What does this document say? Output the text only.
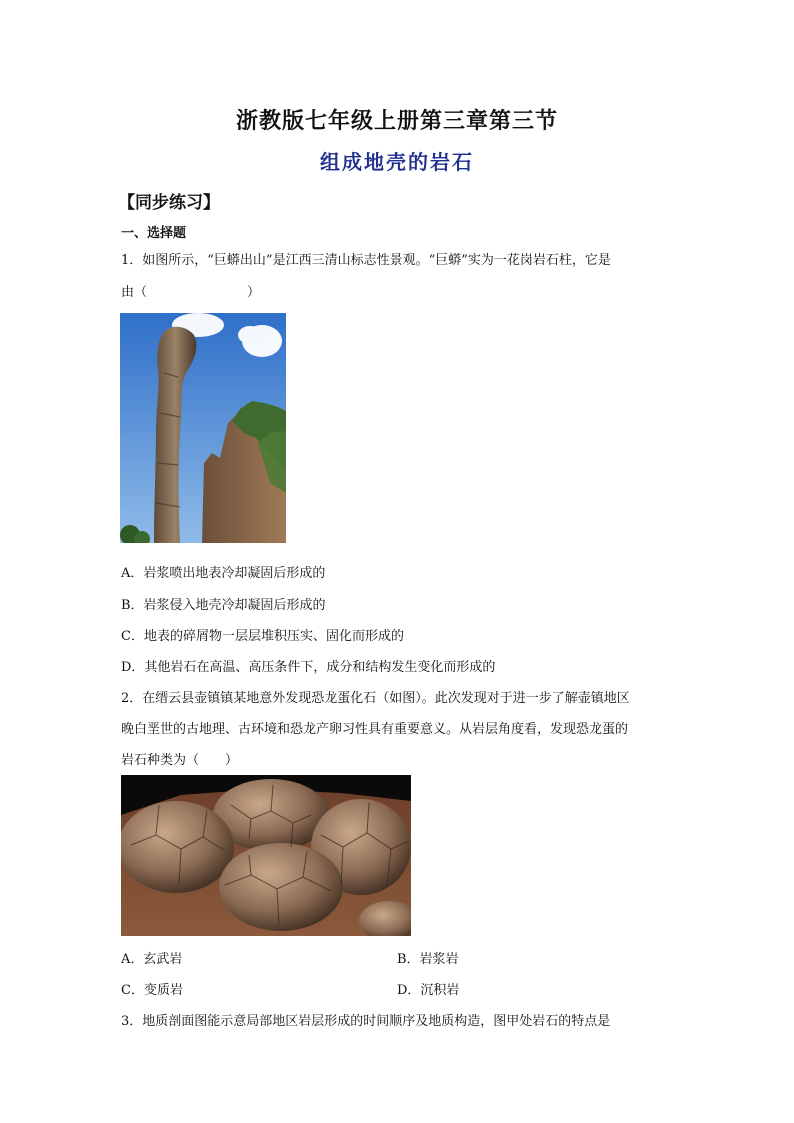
浙教版七年级上册第三章第三节
组成地壳的岩石
【同步练习】
一、选择题
1．如图所示，“巨蟒出山”是江西三清山标志性景观。“巨蟒”实为一花岗岩石柱，它是
由（	）
A．岩浆喷出地表冷却凝固后形成的
B．岩浆侵入地壳冷却凝固后形成的
C．地表的碎屑物一层层堆积压实、固化而形成的
D．其他岩石在高温、高压条件下，成分和结构发生变化而形成的
2．在缙云县壶镇镇某地意外发现恐龙蛋化石（如图）。此次发现对于进一步了解壶镇地区
晚白垩世的古地理、古环境和恐龙产卵习性具有重要意义。从岩层角度看，发现恐龙蛋的
岩石种类为（　　）
A．玄武岩	B．岩浆岩
C．变质岩	D．沉积岩
3．地质剖面图能示意局部地区岩层形成的时间顺序及地质构造，图甲处岩石的特点是
